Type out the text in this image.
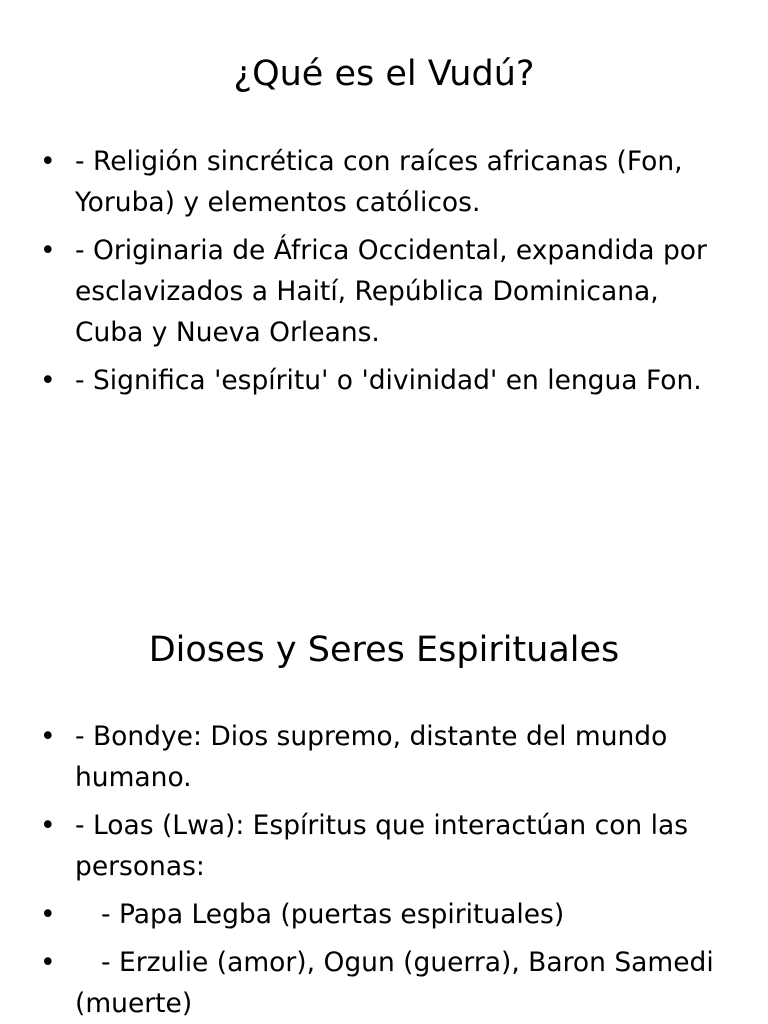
¿Qué es el Vudú?
• - Religión sincrética con raíces africanas (Fon, Yoruba) y elementos católicos.
• - Originaria de África Occidental, expandida por esclavizados a Haití, República Dominicana, Cuba y Nueva Orleans.
• - Significa 'espíritu' o 'divinidad' en lengua Fon.
Dioses y Seres Espirituales
• - Bondye: Dios supremo, distante del mundo humano.
• - Loas (Lwa): Espíritus que interactúan con las personas:
•	- Papa Legba (puertas espirituales)
•	- Erzulie (amor), Ogun (guerra), Baron Samedi (muerte)
